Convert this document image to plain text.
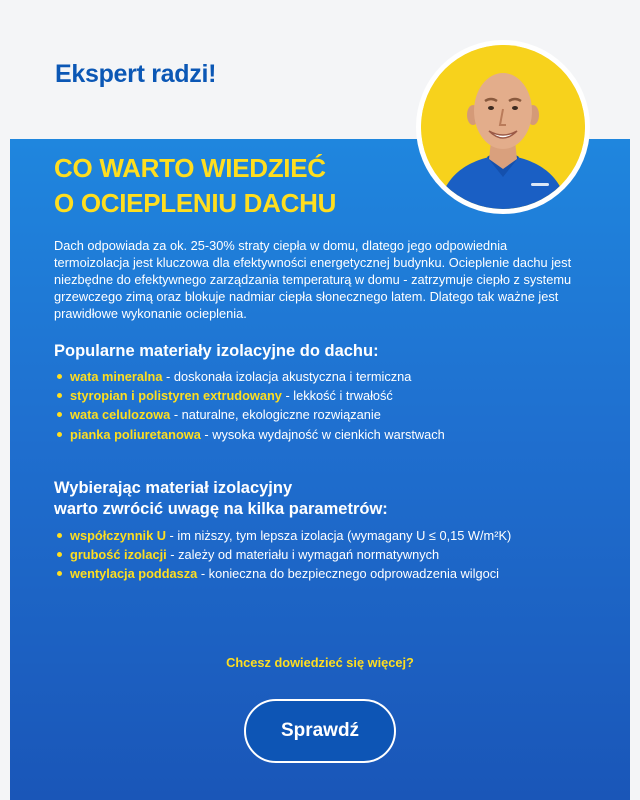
Ekspert radzi!
CO WARTO WIEDZIEĆ
O OCIEPLENIU DACHU

Dach odpowiada za ok. 25-30% straty ciepła w domu, dlatego jego odpowiednia termoizolacja jest kluczowa dla efektywności energetycznej budynku. Ocieplenie dachu jest niezbędne do efektywnego zarządzania temperaturą w domu - zatrzymuje ciepło z systemu grzewczego zimą oraz blokuje nadmiar ciepła słonecznego latem. Dlatego tak ważne jest prawidłowe wykonanie ocieplenia.

Popularne materiały izolacyjne do dachu:
wata mineralna - doskonała izolacja akustyczna i termiczna
styropian i polistyren extrudowany - lekkość i trwałość
wata celulozowa - naturalne, ekologiczne rozwiązanie
pianka poliuretanowa - wysoka wydajność w cienkich warstwach
Wybierając materiał izolacyjny
warto zwrócić uwagę na kilka parametrów:
współczynnik U - im niższy, tym lepsza izolacja (wymagany U ≤ 0,15 W/m²K)
grubość izolacji - zależy od materiału i wymagań normatywnych
wentylacja poddasza - konieczna do bezpiecznego odprowadzenia wilgoci
Chcesz dowiedzieć się więcej?
Sprawdź
